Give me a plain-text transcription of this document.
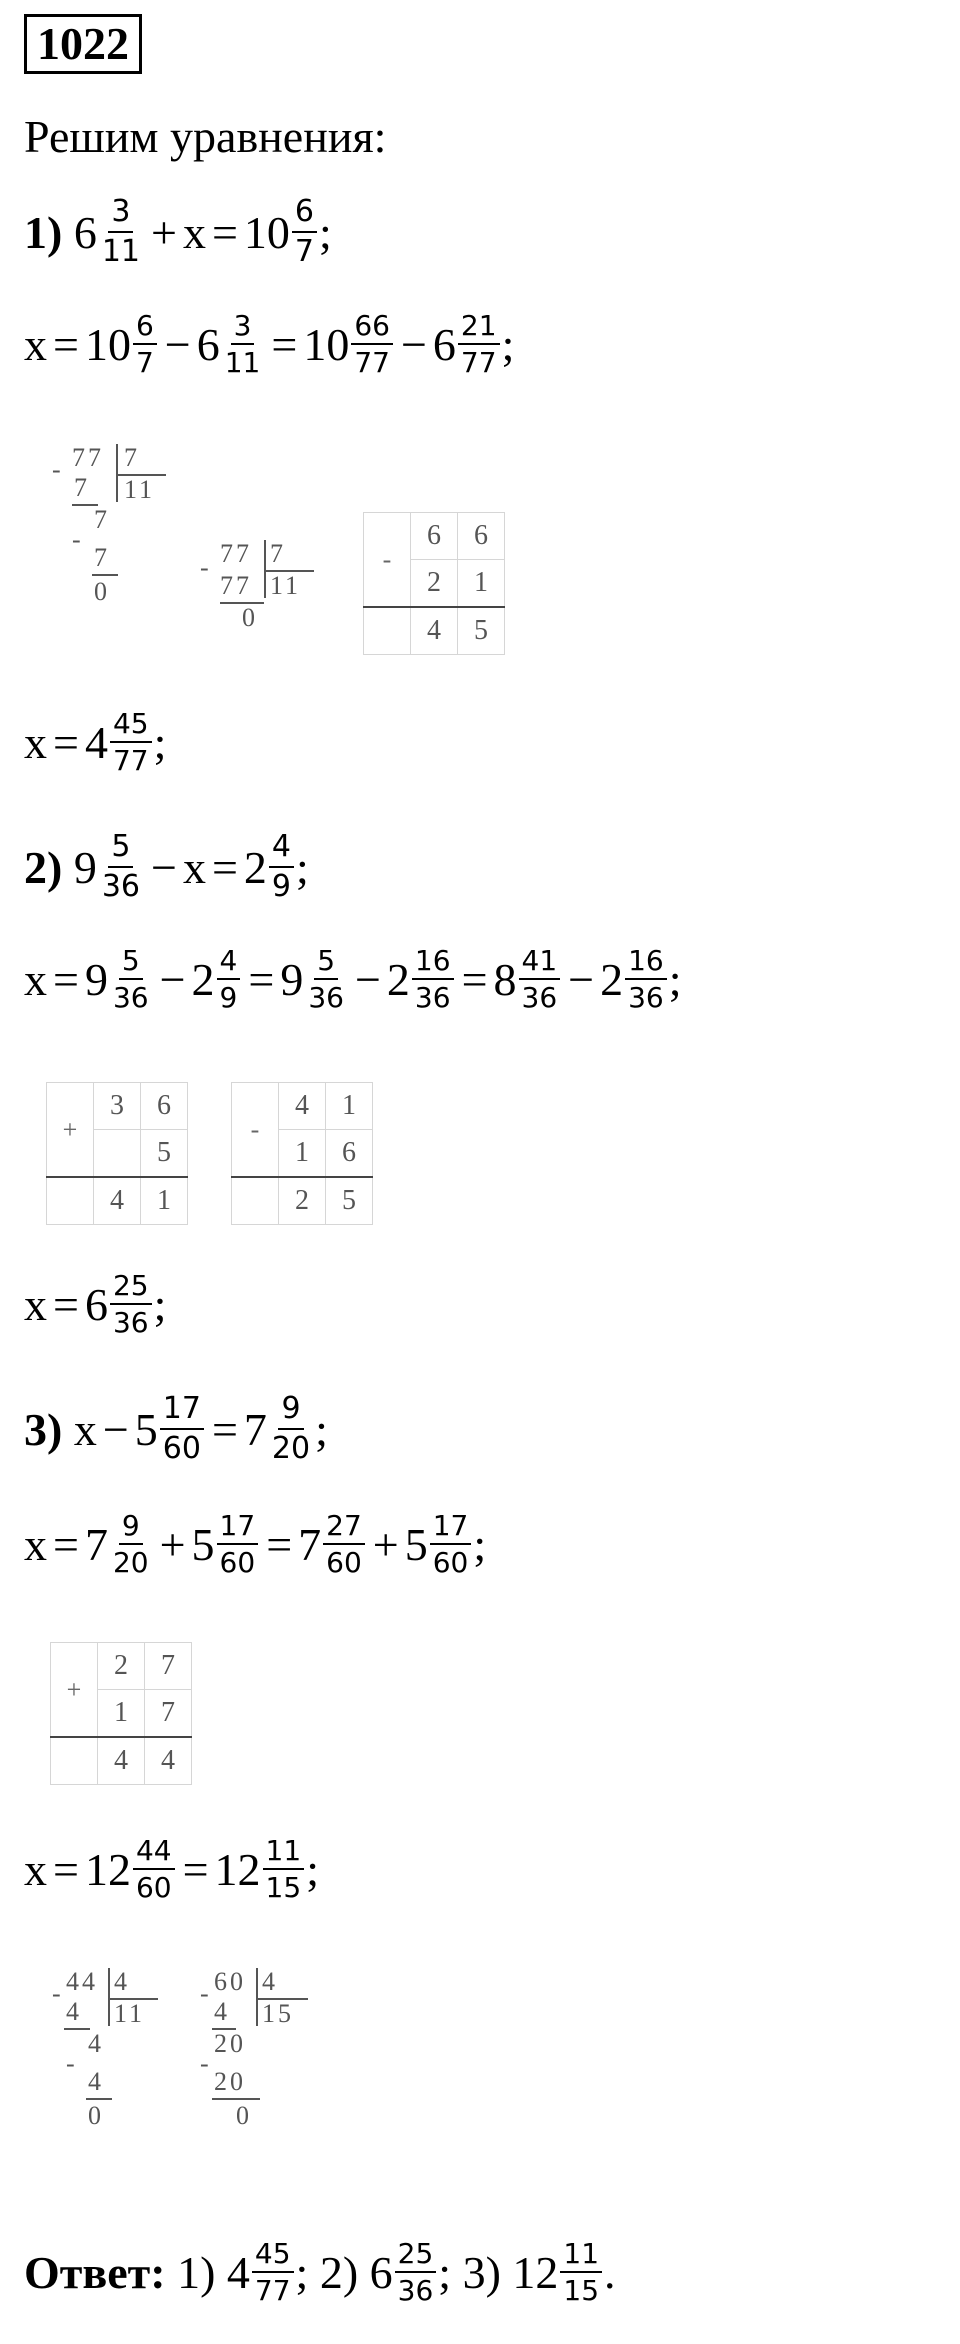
1022
Решим уравнения:
1)
$6 \frac{3}{11} + x = 10 \frac{6}{7}$ ;
$x = 10 \frac{6}{7} - 6 \frac{3}{11} = 10 \frac{66}{77} - 6 \frac{21}{77}$ ;
- 77 7
11
7
7
-
7
0
- 77 7
11
77
0
-	6	6
	2	1
	4	5
$x = 4 \frac{45}{77}$ ;
2)
$9 \frac{5}{36} - x = 2 \frac{4}{9}$ ;
$x = 9 \frac{5}{36} - 2 \frac{4}{9} = 9 \frac{5}{36} - 2 \frac{16}{36} = 8 \frac{41}{36} - 2 \frac{16}{36}$ ;
+	3	6
		5
	4	1
-	4	1
	1	6
	2	5
$x = 6 \frac{25}{36}$ ;
3)
$x - 5 \frac{17}{60} = 7 \frac{9}{20}$ ;
$x = 7 \frac{9}{20} + 5 \frac{17}{60} = 7 \frac{27}{60} + 5 \frac{17}{60}$ ;
+	2	7
	1	7
	4	4
$x = 12 \frac{44}{60} = 12 \frac{11}{15}$ ;
- 44 4
11
4
4
-
4
0
- 60 4
15
4
20
-
20
0
Ответ:
1)
$4 \frac{45}{77}$ ;
2)
$6 \frac{25}{36}$ ;
3)
$12 \frac{11}{15}$ .
